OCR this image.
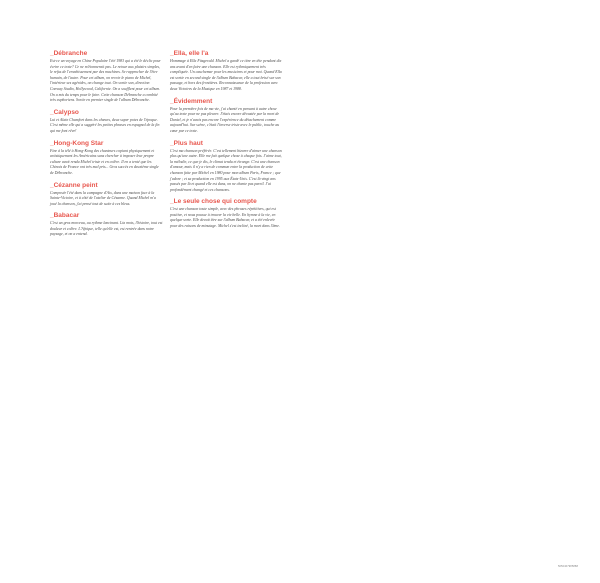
_Débranche

Est-ce un voyage en Chine Populaire l'été 1983 qui a été le déclic pour écrire ce texte? Ce ne m'étonnerait pas. Le retour aux plaisirs simples, le refus de l'envahissement par des machines. Se rapprocher de l'être humain, de l'autre. Pour cet album, on revoir le piano de Michel, l'intérieur ses agérides, on change tout. On sortie son, direction Conway Studio, Hollywood, Californie. On a soufflent pour cet album. On a mis du temps pour le faire. Cette chanson Débranche a combité très euphoriens. Sortie en premier single de l'album Débranche.

_Calypso

Lui et Alain Chamfort dans les chœurs, deux super potes de l'époque. C'est même elle qui a suggéré les petites phrases en espagnol de la fin qui me font rêve!

_Hong-Kong Star

Fine à la télé à Hong-Kong des chanteurs copiant physiquement et artistiquement les Américains sans chercher à imposer leur propre culture avait rendu Michel triste et en colère. Il en a tenté que les Chinois de France ont très mal pris... Gros succès en deuxième single de Débranche.

_Cézanne peint

Composée l'été dans la campagne d'Aix, dans une maison face à la Sainte-Victoire, et à côté de l'atelier de Cézanne. Quand Michel m'a joué la chanson, j'ai pensé tout de suite à ces bleus.

_Babacar

C'est un gros morceau, au rythme lancinant. Lia mots, l'histoire, tout est douleur et colère. L'Afrique, telle qu'elle est, est rentrée dans notre paysage, et on a entend.

_Ella, elle l'a

Hommage à Ella Fitzgerald. Michel a gardé ce titre en tête pendant dix ans avant d'en faire une chanson. Elle est rythmiquement très compliquée. Un cauchemar pour les musiciens et pour moi. Quand Ella est sortie en second single de l'album Babacar, elle a tout brisé sur son passage, et hors des frontières. Reconnaissance de la profession avec deux Victoires de la Musique en 1987 et 1988.

_Évidemment

Pour la première fois de ma vie, j'ai chanté en pensant à autre chose qu'au texte pour ne pas pleurer. J'étais encore dévastée par la mort de Daniel, et je n'avais pas encore l'expérience du détachement comme aujourd'hui. Sur scène, c'était l'inverse triste avec le public, touche au cœur par ce texte.

_Plus haut

C'est ma chanson préférée. C'est tellement bizarre d'aimer une chanson plus qu'une autre. Elle me fait quelque chose à chaque fois. J'aime tout, la mélodie, ce que je dis, le climat tendu et étrange. C'est une chanson d'amour, mais il n'y a rien de commun entre la production de cette chanson faite par Michel en 1980 pour mon album Paris, France ; que j'adore ; et sa production en 1995 aux États-Unis. C'est là vingt ans passés par là et quand elle est dans, on ne chante pas pareil. J'ai profondément changé et ces chansons.

_Le seule chose qui compte

C'est une chanson toute simple, avec des phrases répétitives, qui est positive, et nous pousse à trouver la vie belle. En hymne à la vie, en quelque sorte. Elle devait être sur l'album Babacar, et a été enlevée pour des raisons de minutage. Michel s'est incliné, la mort dans l'âme.

5050467985888
